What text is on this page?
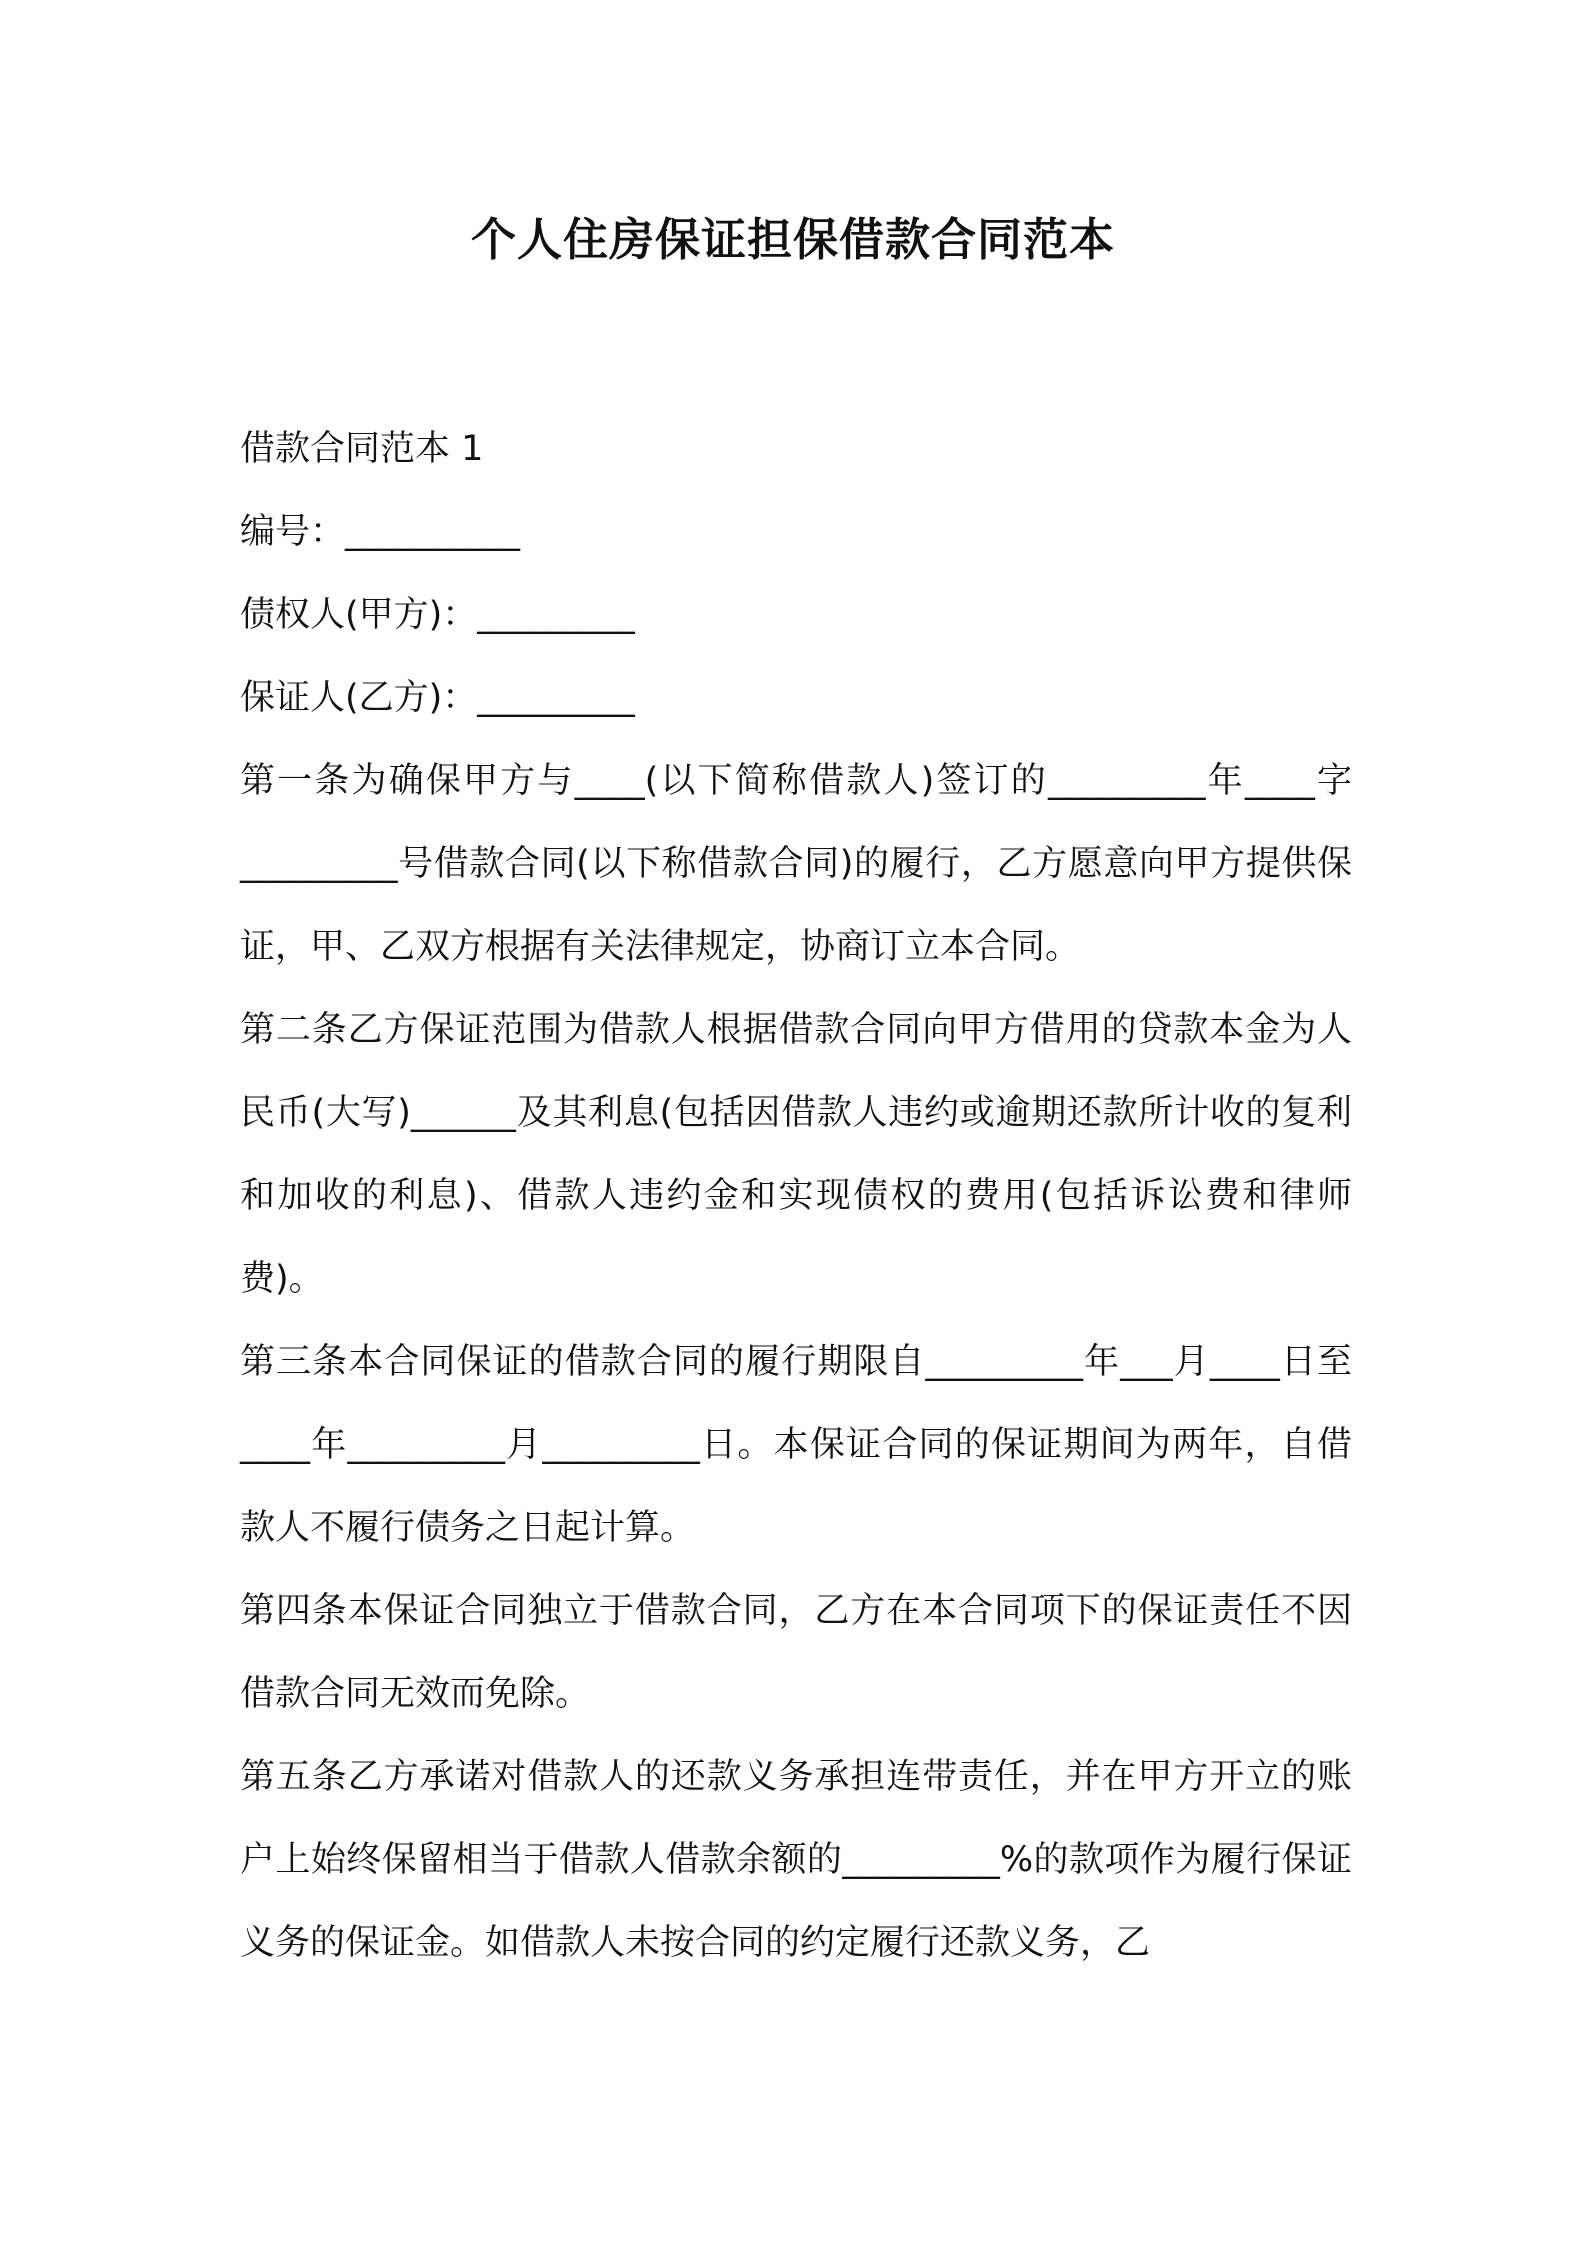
个人住房保证担保借款合同范本

借款合同范本 1

编号：__________

债权人(甲方)：_________

保证人(乙方)：_________

第一条为确保甲方与____(以下简称借款人)签订的_________年____字_________号借款合同(以下称借款合同)的履行，乙方愿意向甲方提供保证，甲、乙双方根据有关法律规定，协商订立本合同。

第二条乙方保证范围为借款人根据借款合同向甲方借用的贷款本金为人民币(大写)______及其利息(包括因借款人违约或逾期还款所计收的复利和加收的利息)、借款人违约金和实现债权的费用(包括诉讼费和律师费)。

第三条本合同保证的借款合同的履行期限自_________年___月____日至____年_________月_________日。本保证合同的保证期间为两年，自借款人不履行债务之日起计算。

第四条本保证合同独立于借款合同，乙方在本合同项下的保证责任不因借款合同无效而免除。

第五条乙方承诺对借款人的还款义务承担连带责任，并在甲方开立的账户上始终保留相当于借款人借款余额的_________%的款项作为履行保证义务的保证金。如借款人未按合同的约定履行还款义务，乙
